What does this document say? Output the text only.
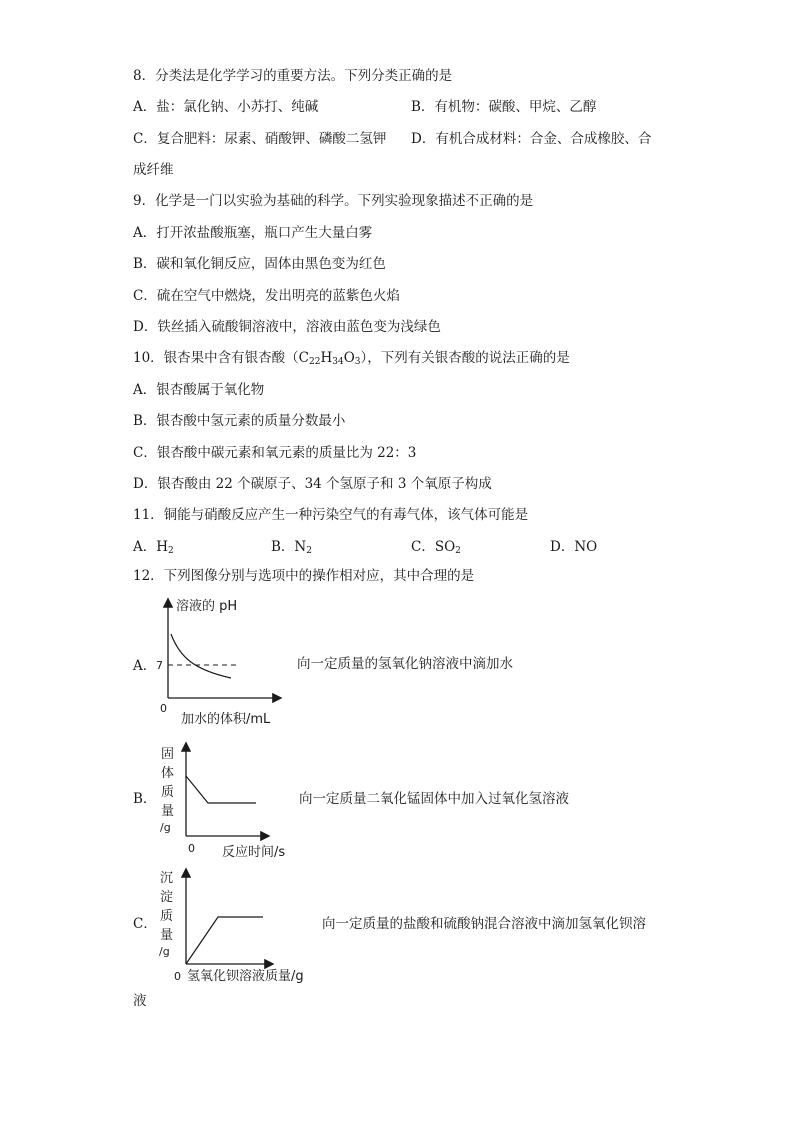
8．分类法是化学学习的重要方法。下列分类正确的是
A．盐：氯化钠、小苏打、纯碱	B．有机物：碳酸、甲烷、乙醇
C．复合肥料：尿素、硝酸钾、磷酸二氢钾 D．有机合成材料：合金、合成橡胶、合
成纤维
9．化学是一门以实验为基础的科学。下列实验现象描述不正确的是
A．打开浓盐酸瓶塞，瓶口产生大量白雾
B．碳和氧化铜反应，固体由黑色变为红色
C．硫在空气中燃烧，发出明亮的蓝紫色火焰
D．铁丝插入硫酸铜溶液中，溶液由蓝色变为浅绿色
10．银杏果中含有银杏酸$(C_{22}H_{34}O_3)$，下列有关银杏酸的说法正确的是
A．银杏酸属于氧化物
B．银杏酸中氢元素的质量分数最小
C．银杏酸中碳元素和氧元素的质量比为 22：3
D．银杏酸由 22 个碳原子、34 个氢原子和 3 个氧原子构成
11．铜能与硝酸反应产生一种污染空气的有毒气体，该气体可能是
A．$H_2$	B．$N_2$	C．$SO_2$	D．NO
12．下列图像分别与选项中的操作相对应，其中合理的是
A．
溶液的 pH
7
0
加水的体积/mL
向一定质量的氢氧化钠溶液中滴加水
B．
固
体
质
量
/g
0 反应时间/s
向一定质量二氧化锰固体中加入过氧化氢溶液
C．
沉
淀
质
量
/g
0 氢氧化钡溶液质量/g
向一定质量的盐酸和硫酸钠混合溶液中滴加氢氧化钡溶
液
